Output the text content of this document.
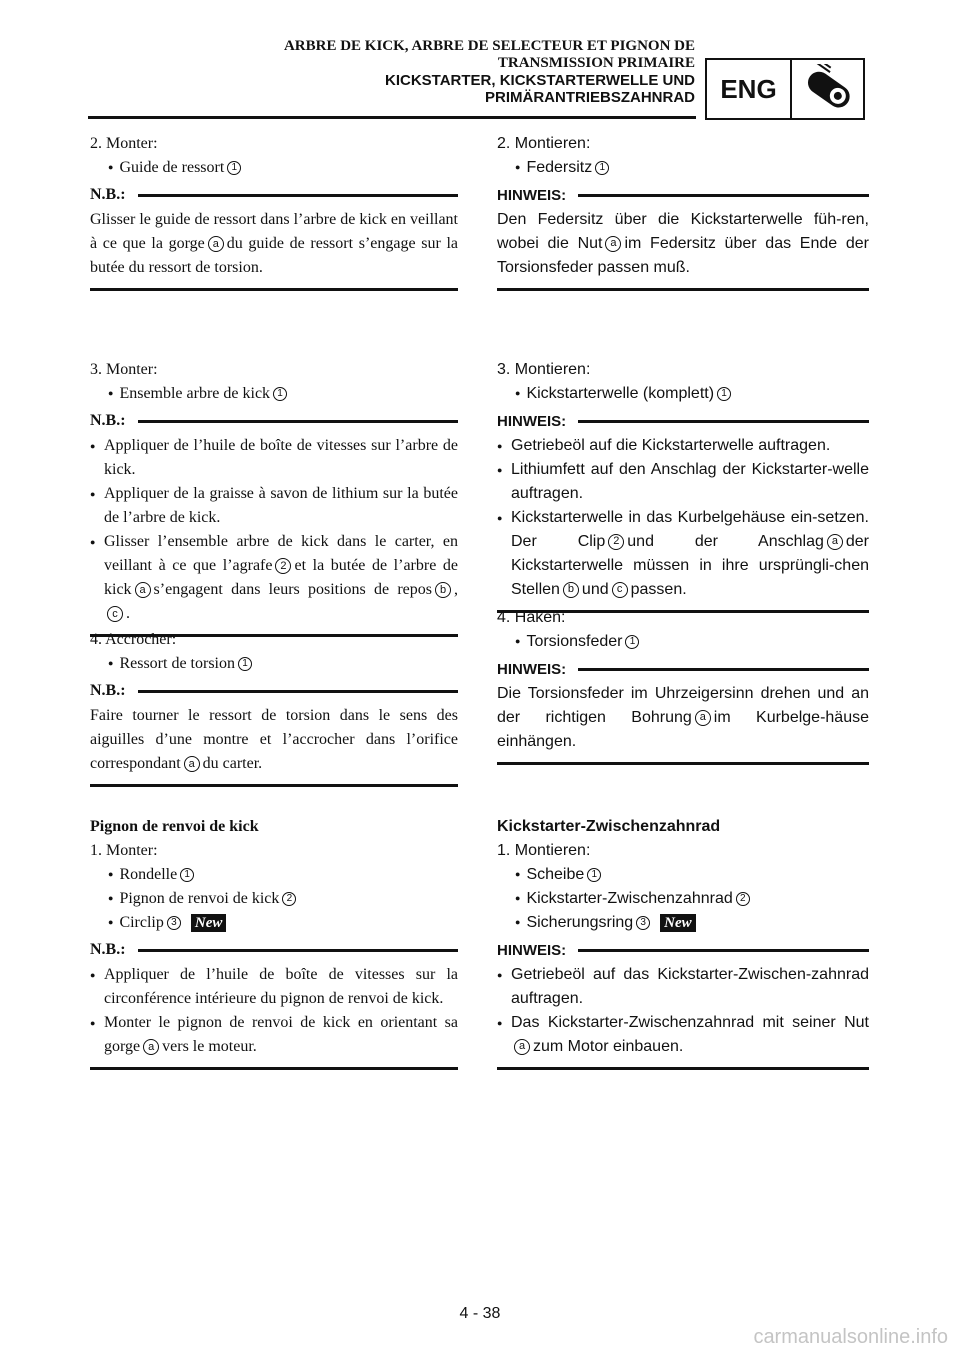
ARBRE DE KICK, ARBRE DE SELECTEUR ET PIGNON DE
TRANSMISSION PRIMAIRE
KICKSTARTER, KICKSTARTERWELLE UND
PRIMÄRANTRIEBSZAHNRAD ENG
2. Monter:
● Guide de ressort 1
N.B.:
Glisser le guide de ressort dans l’arbre de kick en veillant à ce que la gorge a du guide de ressort s’engage sur la butée du ressort de torsion.
3. Monter:
● Ensemble arbre de kick 1
N.B.:
● Appliquer de l’huile de boîte de vitesses sur l’arbre de kick.
● Appliquer de la graisse à savon de lithium sur la butée de l’arbre de kick.
● Glisser l’ensemble arbre de kick dans le carter, en veillant à ce que l’agrafe 2 et la butée de l’arbre de kick a s’engagent dans leurs positions de repos b ,c .
4. Accrocher:
● Ressort de torsion 1
N.B.:
Faire tourner le ressort de torsion dans le sens des aiguilles d’une montre et l’accrocher dans l’orifice correspondant a du carter.
Pignon de renvoi de kick
1. Monter:
● Rondelle 1
● Pignon de renvoi de kick 2
● Circlip 3 New
N.B.:
● Appliquer de l’huile de boîte de vitesses sur la circonférence intérieure du pignon de renvoi de kick.
● Monter le pignon de renvoi de kick en orientant sa gorge a vers le moteur.
2. Montieren:
● Federsitz 1
HINWEIS:
Den Federsitz über die Kickstarterwelle füh-ren, wobei die Nut a im Federsitz über das Ende der Torsionsfeder passen muß.
3. Montieren:
● Kickstarterwelle (komplett) 1
HINWEIS:
● Getriebeöl auf die Kickstarterwelle auftragen.
● Lithiumfett auf den Anschlag der Kickstarter-welle auftragen.
● Kickstarterwelle in das Kurbelgehäuse ein-setzen. Der Clip 2 und der Anschlag a der Kickstarterwelle müssen in ihre ursprüngli-chen Stellen b und c passen.
4. Haken:
● Torsionsfeder 1
HINWEIS:
Die Torsionsfeder im Uhrzeigersinn drehen und an der richtigen Bohrung a im Kurbelge-häuse einhängen.
Kickstarter-Zwischenzahnrad
1. Montieren:
● Scheibe 1
● Kickstarter-Zwischenzahnrad 2
● Sicherungsring 3 New
HINWEIS:
● Getriebeöl auf das Kickstarter-Zwischen-zahnrad auftragen.
● Das Kickstarter-Zwischenzahnrad mit seiner Nuta zum Motor einbauen.
4 - 38
carmanualsonline.info
